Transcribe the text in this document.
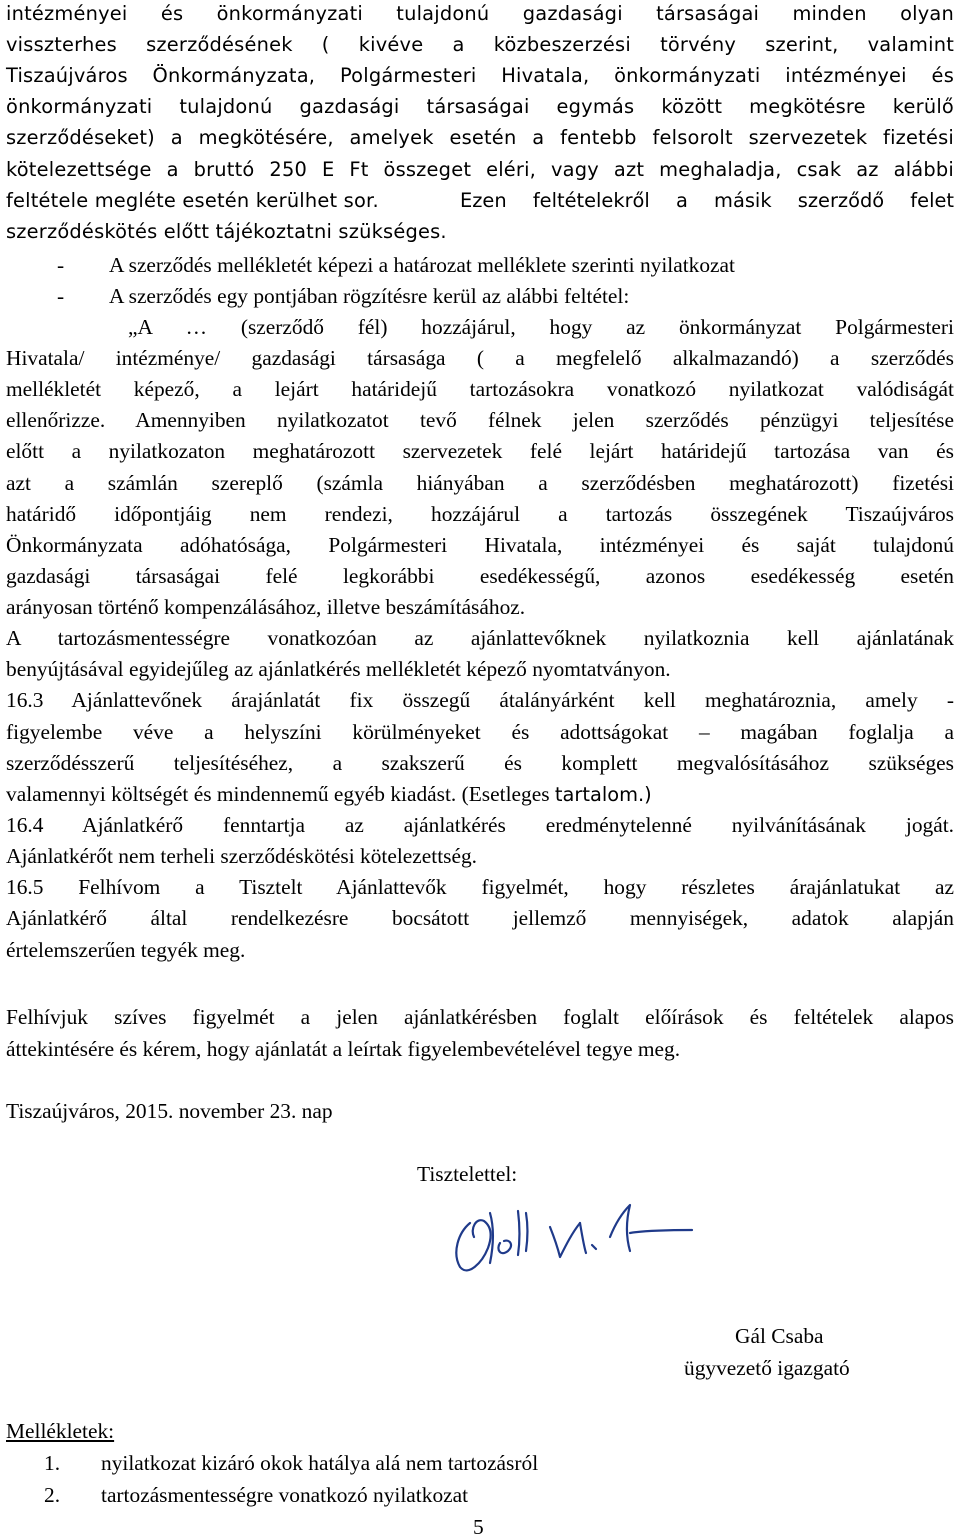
intézményei és önkormányzati tulajdonú gazdasági társaságai minden olyan
visszterhes szerződésének ( kivéve a közbeszerzési törvény szerint, valamint
Tiszaújváros Önkormányzata, Polgármesteri Hivatala, önkormányzati intézményei és
önkormányzati tulajdonú gazdasági társaságai egymás között megkötésre kerülő
szerződéseket) a megkötésére, amelyek esetén a fentebb felsorolt szervezetek fizetési
kötelezettsége a bruttó 250 E Ft összeget eléri, vagy azt meghaladja, csak az alábbi
feltétele megléte esetén kerülhet sor.	Ezen feltételekről a másik szerződő felet
szerződéskötés előtt tájékoztatni szükséges.
- A szerződés mellékletét képezi a határozat melléklete szerinti nyilatkozat
- A szerződés egy pontjában rögzítésre kerül az alábbi feltétel:
„A … (szerződő fél) hozzájárul, hogy az önkormányzat Polgármesteri
Hivatala/ intézménye/ gazdasági társasága ( a megfelelő alkalmazandó) a szerződés
mellékletét képező, a lejárt határidejű tartozásokra vonatkozó nyilatkozat valódiságát
ellenőrizze. Amennyiben nyilatkozatot tevő félnek jelen szerződés pénzügyi teljesítése
előtt a nyilatkozaton meghatározott szervezetek felé lejárt határidejű tartozása van és
azt a számlán szereplő (számla hiányában a szerződésben meghatározott) fizetési
határidő időpontjáig nem rendezi, hozzájárul a tartozás összegének Tiszaújváros
Önkormányzata adóhatósága, Polgármesteri Hivatala, intézményei és saját tulajdonú
gazdasági társaságai felé legkorábbi esedékességű, azonos esedékesség esetén
arányosan történő kompenzálásához, illetve beszámításához.
A tartozásmentességre vonatkozóan az ajánlattevőknek nyilatkoznia kell ajánlatának
benyújtásával egyidejűleg az ajánlatkérés mellékletét képező nyomtatványon.
16.3 Ajánlattevőnek árajánlatát fix összegű átalányárként kell meghatároznia, amely -
figyelembe véve a helyszíni körülményeket és adottságokat – magában foglalja a
szerződésszerű teljesítéséhez, a szakszerű és komplett megvalósításához szükséges
valamennyi költségét és mindennemű egyéb kiadást. (Esetleges tartalom.)
16.4 Ajánlatkérő fenntartja az ajánlatkérés eredménytelenné nyilvánításának jogát.
Ajánlatkérőt nem terheli szerződéskötési kötelezettség.
16.5 Felhívom a Tisztelt Ajánlattevők figyelmét, hogy részletes árajánlatukat az
Ajánlatkérő által rendelkezésre bocsátott jellemző mennyiségek, adatok alapján
értelemszerűen tegyék meg.
Felhívjuk szíves figyelmét a jelen ajánlatkérésben foglalt előírások és feltételek alapos
áttekintésére és kérem, hogy ajánlatát a leírtak figyelembevételével tegye meg.
Tiszaújváros, 2015. november 23. nap
Tisztelettel:
Gál Csaba
ügyvezető igazgató
Mellékletek:
1. nyilatkozat kizáró okok hatálya alá nem tartozásról
2. tartozásmentességre vonatkozó nyilatkozat
5
